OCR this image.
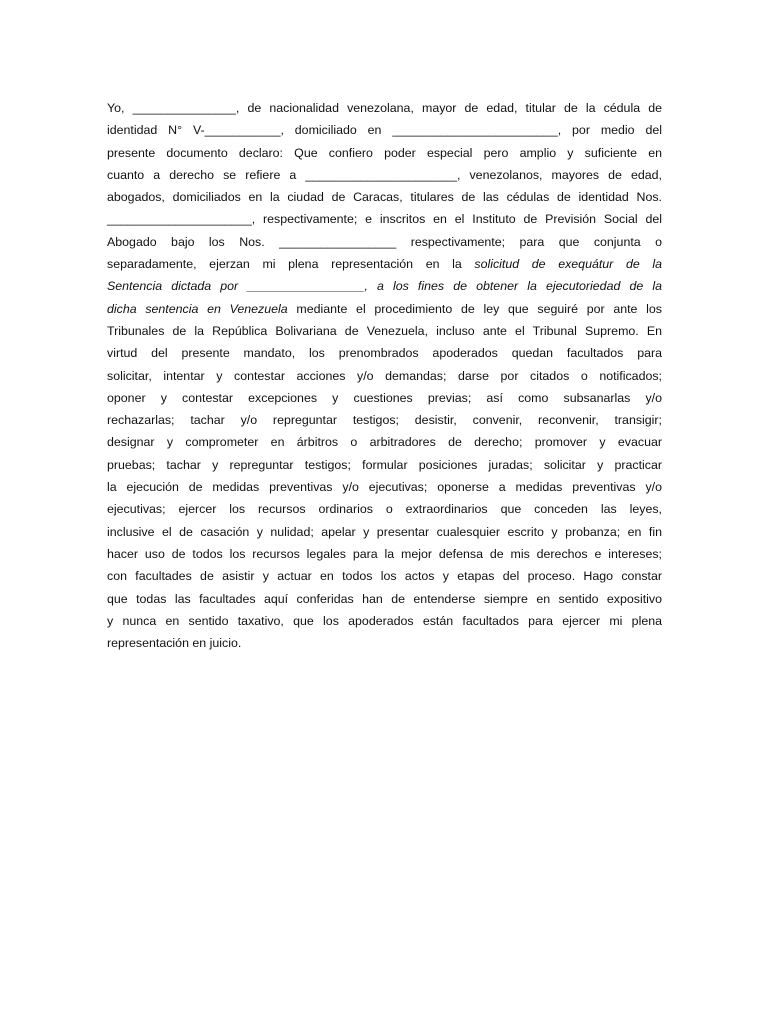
Yo, _______________, de nacionalidad venezolana, mayor de edad, titular de la cédula de
identidad N° V-___________, domiciliado en ________________________, por medio del
presente documento declaro: Que confiero poder especial pero amplio y suficiente en
cuanto a derecho se refiere a ______________________, venezolanos, mayores de edad,
abogados, domiciliados en la ciudad de Caracas, titulares de las cédulas de identidad Nos.
_____________________, respectivamente; e inscritos en el Instituto de Previsión Social del
Abogado bajo los Nos. _________________ respectivamente; para que conjunta o
separadamente, ejerzan mi plena representación en la solicitud de exequátur de la
Sentencia dictada por _________________, a los fines de obtener la ejecutoriedad de la
dicha sentencia en Venezuela mediante el procedimiento de ley que seguiré por ante los
Tribunales de la República Bolivariana de Venezuela, incluso ante el Tribunal Supremo. En
virtud del presente mandato, los prenombrados apoderados quedan facultados para
solicitar, intentar y contestar acciones y/o demandas; darse por citados o notificados;
oponer y contestar excepciones y cuestiones previas; así como subsanarlas y/o
rechazarlas; tachar y/o repreguntar testigos; desistir, convenir, reconvenir, transigir;
designar y comprometer en árbitros o arbitradores de derecho; promover y evacuar
pruebas; tachar y repreguntar testigos; formular posiciones juradas; solicitar y practicar
la ejecución de medidas preventivas y/o ejecutivas; oponerse a medidas preventivas y/o
ejecutivas; ejercer los recursos ordinarios o extraordinarios que conceden las leyes,
inclusive el de casación y nulidad; apelar y presentar cualesquier escrito y probanza; en fin
hacer uso de todos los recursos legales para la mejor defensa de mis derechos e intereses;
con facultades de asistir y actuar en todos los actos y etapas del proceso. Hago constar
que todas las facultades aquí conferidas han de entenderse siempre en sentido expositivo
y nunca en sentido taxativo, que los apoderados están facultados para ejercer mi plena
representación en juicio.
